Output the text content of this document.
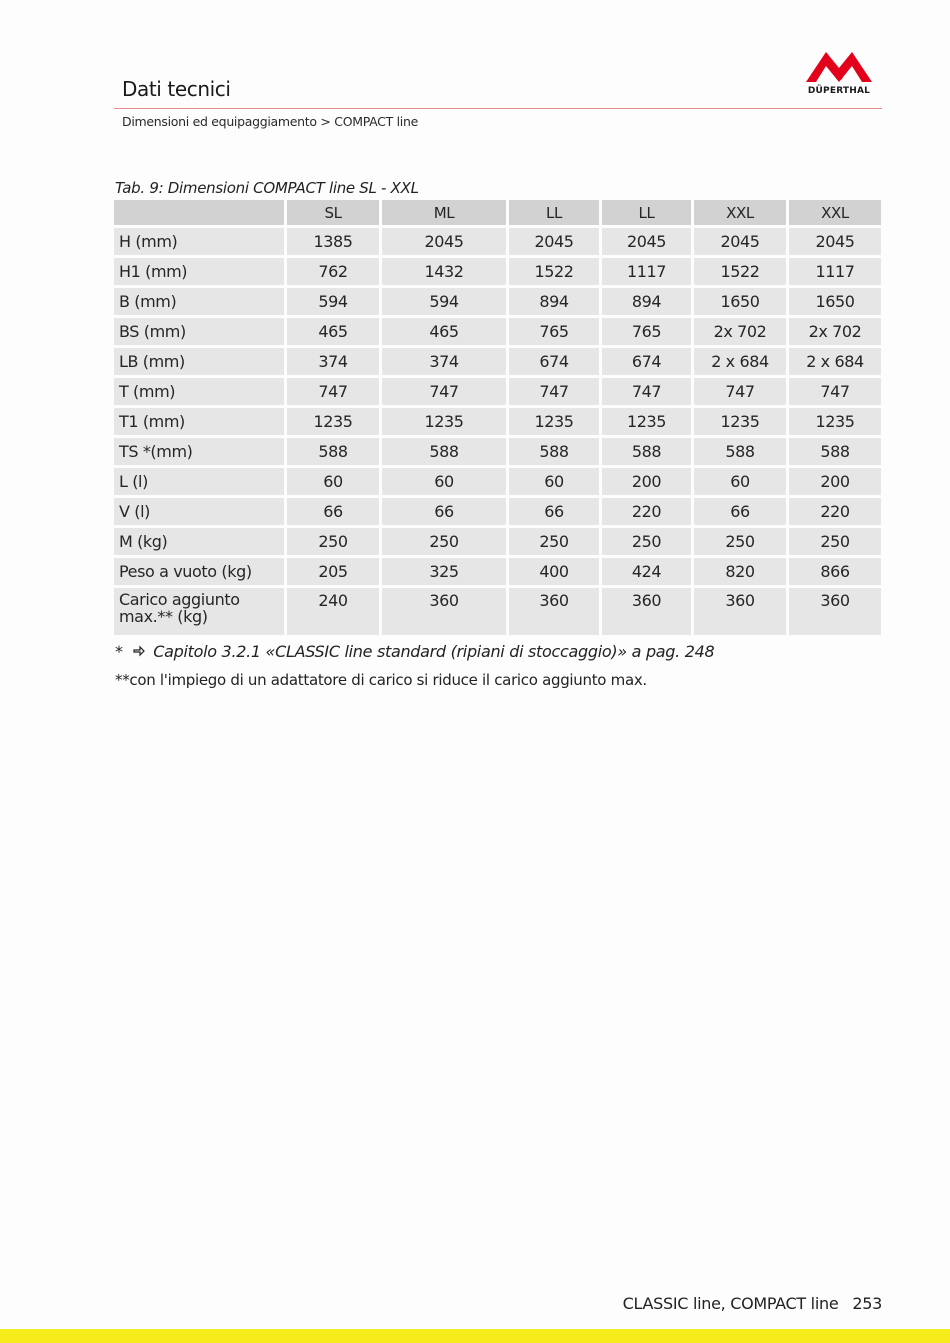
Dati tecnici	DÜPERTHAL
Dimensioni ed equipaggiamento > COMPACT line
Tab. 9: Dimensioni COMPACT line SL - XXL
	SL	ML	LL	LL	XXL	XXL
H (mm)	1385	2045	2045	2045	2045	2045
H1 (mm)	762	1432	1522	1117	1522	1117
B (mm)	594	594	894	894	1650	1650
BS (mm)	465	465	765	765	2x 702	2x 702
LB (mm)	374	374	674	674	2 x 684	2 x 684
T (mm)	747	747	747	747	747	747
T1 (mm)	1235	1235	1235	1235	1235	1235
TS *(mm)	588	588	588	588	588	588
L (l)	60	60	60	200	60	200
V (l)	66	66	66	220	66	220
M (kg)	250	250	250	250	250	250
Peso a vuoto (kg)	205	325	400	424	820	866
Carico aggiunto max.** (kg)	240	360	360	360	360	360
* Capitolo 3.2.1 «CLASSIC line standard (ripiani di stoccaggio)» a pag. 248
**con l'impiego di un adattatore di carico si riduce il carico aggiunto max.
CLASSIC line, COMPACT line 253
